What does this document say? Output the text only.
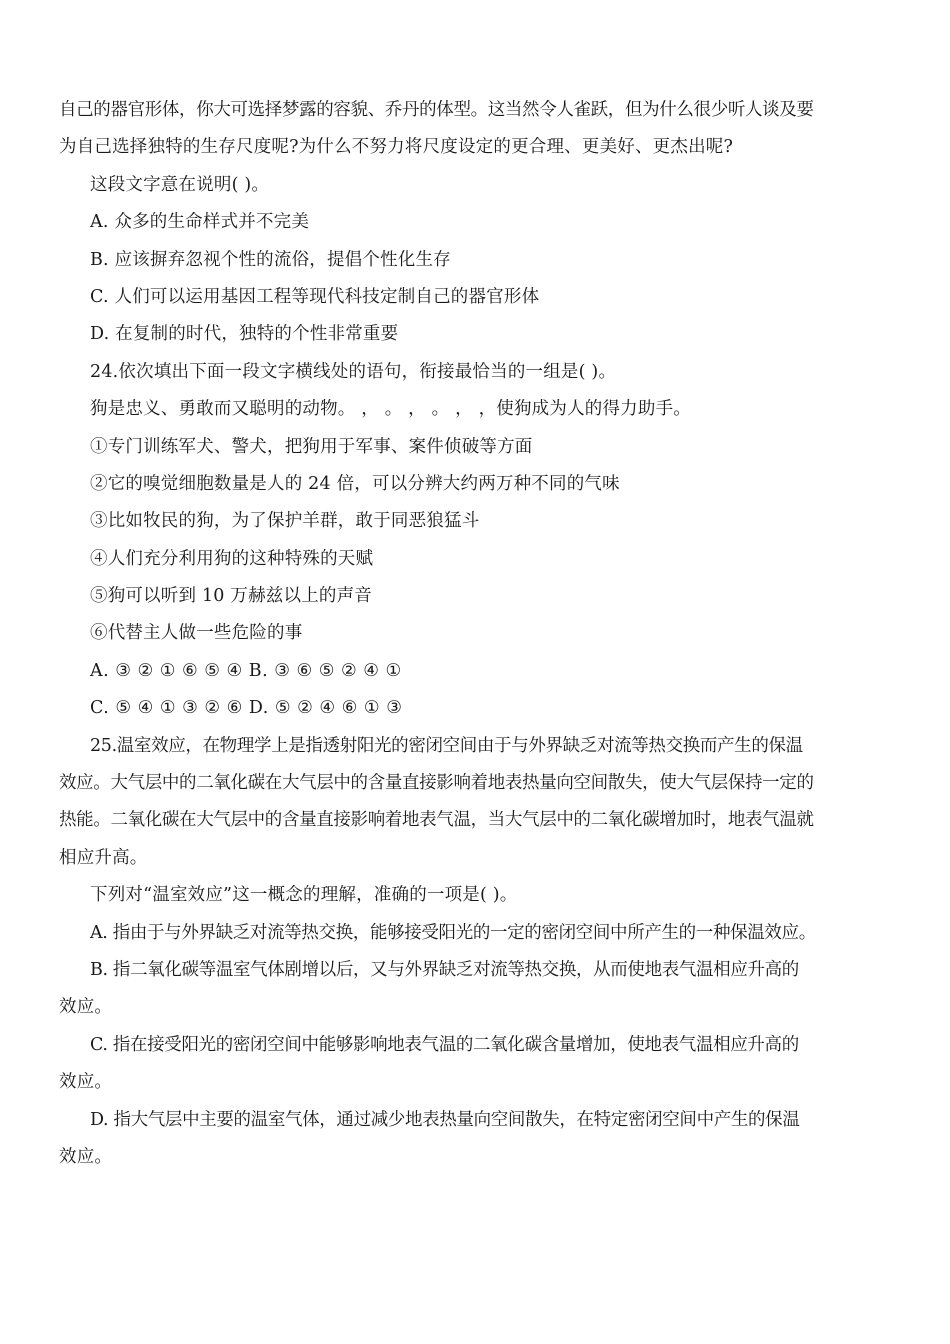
自己的器官形体，你大可选择梦露的容貌、乔丹的体型。这当然令人雀跃，但为什么很少听人谈及要
为自己选择独特的生存尺度呢?为什么不努力将尺度设定的更合理、更美好、更杰出呢?
这段文字意在说明( )。
A. 众多的生命样式并不完美
B. 应该摒弃忽视个性的流俗，提倡个性化生存
C. 人们可以运用基因工程等现代科技定制自己的器官形体
D. 在复制的时代，独特的个性非常重要
24.依次填出下面一段文字横线处的语句，衔接最恰当的一组是( )。
狗是忠义、勇敢而又聪明的动物。 ， 。 ， 。 ， ，使狗成为人的得力助手。
①专门训练军犬、警犬，把狗用于军事、案件侦破等方面
②它的嗅觉细胞数量是人的 24 倍，可以分辨大约两万种不同的气味
③比如牧民的狗，为了保护羊群，敢于同恶狼猛斗
④人们充分利用狗的这种特殊的天赋
⑤狗可以听到 10 万赫兹以上的声音
⑥代替主人做一些危险的事
A. ③ ② ① ⑥ ⑤ ④ B. ③ ⑥ ⑤ ② ④ ①
C. ⑤ ④ ① ③ ② ⑥ D. ⑤ ② ④ ⑥ ① ③
25.温室效应，在物理学上是指透射阳光的密闭空间由于与外界缺乏对流等热交换而产生的保温
效应。大气层中的二氧化碳在大气层中的含量直接影响着地表热量向空间散失，使大气层保持一定的
热能。二氧化碳在大气层中的含量直接影响着地表气温，当大气层中的二氧化碳增加时，地表气温就
相应升高。
下列对“温室效应”这一概念的理解，准确的一项是( )。
A. 指由于与外界缺乏对流等热交换，能够接受阳光的一定的密闭空间中所产生的一种保温效应。
B. 指二氧化碳等温室气体剧增以后，又与外界缺乏对流等热交换，从而使地表气温相应升高的
效应。
C. 指在接受阳光的密闭空间中能够影响地表气温的二氧化碳含量增加，使地表气温相应升高的
效应。
D. 指大气层中主要的温室气体，通过减少地表热量向空间散失，在特定密闭空间中产生的保温
效应。
